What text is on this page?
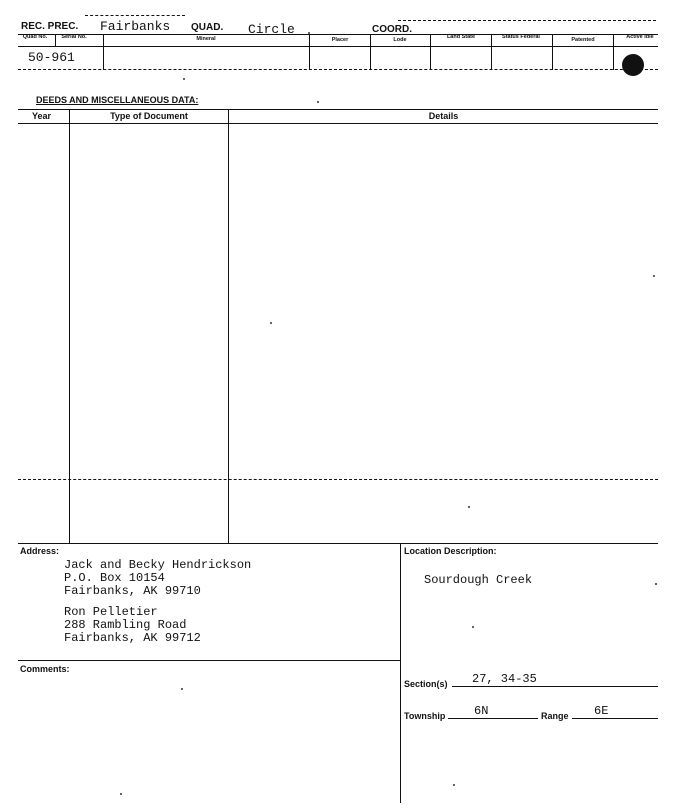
REC. PREC. Fairbanks QUAD. Circle	COORD.
Quad No.	Serial No.	Mineral	Placer	Lode	Land State	Status Federal	Patented	Active Idle
50-961
DEEDS AND MISCELLANEOUS DATA:
Year	Type of Document	Details
Address:
Jack and Becky Hendrickson
P.O. Box 10154
Fairbanks, AK 99710
Ron Pelletier
288 Rambling Road
Fairbanks, AK 99712
Location Description:
Sourdough Creek
Section(s) 27, 34-35
Township 6N	Range 6E
Comments:
